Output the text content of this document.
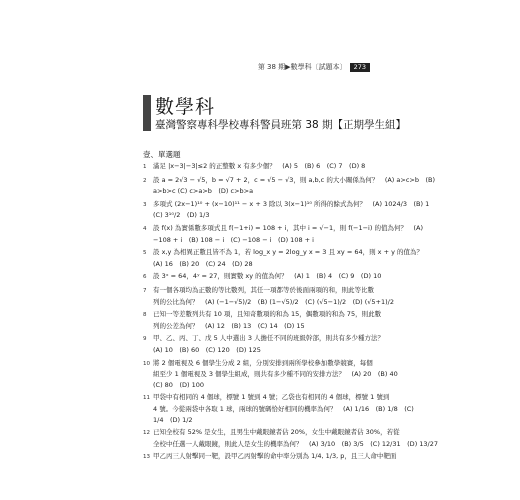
第 38 期▶數學科〔試題本〕	273
數學科
臺灣警察專科學校專科警員班第 38 期【正期學生組】
壹、單選題
1 滿足 |x−3|−3|≤2 的正整數 x 有多少個？　(A) 5　(B) 6　(C) 7　(D) 8
2 設 a = 2√3 − √5，b = √7 + 2，c = √5 − √3，則 a,b,c 的大小關係為何？　(A) a>c>b　(B)
a>b>c (C) c>a>b　(D) c>b>a
3 多項式 (2x−1)¹⁰ + (x−10)¹¹ − x + 3 除以 3(x−1)¹⁰ 所得的餘式為何？　(A) 1024/3　(B) 1
(C) 3¹⁰/2　(D) 1/3
4 設 f(x) 為實係數多項式且 f(−1+i) = 108 + i，其中 i = √−1，則 f(−1−i) 的值為何？　(A)
−108 + i　(B) 108 − i　(C) −108 − i　(D) 108 + i
5 設 x,y 為相異正數且皆不為 1，若 log_x y = 2log_y x = 3 且 xy = 64，則 x + y 的值為？
(A) 16　(B) 20　(C) 24　(D) 28
6 設 3ˣ = 64，4ʸ = 27，則實數 xy 的值為何？　(A) 1　(B) 4　(C) 9　(D) 10
7 有一個各項均為正數的等比數列，其任一項都等於後面兩項的和，則此等比數
列的公比為何？　(A) (−1−√5)/2　(B) (1−√5)/2　(C) (√5−1)/2　(D) (√5+1)/2
8 已知一等差數列共有 10 項，且知奇數項的和為 15，偶數項的和為 75，則此數
列的公差為何？　(A) 12　(B) 13　(C) 14　(D) 15
9 甲、乙、丙、丁、戊 5 人中選出 3 人擔任不同的班級幹部，則共有多少種方法？
(A) 10　(B) 60　(C) 120　(D) 125
10 將 2 個電視及 6 個學生分成 2 組，分別安排到兩所學校參加數學競賽，每個
組至少 1 個電視及 3 個學生組成，則共有多少種不同的安排方法？　(A) 20　(B) 40
(C) 80　(D) 100
11 甲袋中有相同的 4 個球，標號 1 號到 4 號；乙袋也有相同的 4 個球，標號 1 號到
4 號。今從兩袋中各取 1 球，兩球的號碼恰好相同的機率為何？　(A) 1/16　(B) 1/8　(C)
1/4　(D) 1/2
12 已知全校有 52% 是女生，且男生中戴眼鏡者佔 20%，女生中戴眼鏡者佔 30%，若從
全校中任選一人戴眼鏡，則此人是女生的機率為何？　(A) 3/10　(B) 3/5　(C) 12/31　(D) 13/27
13 甲乙丙三人射擊同一靶，設甲乙丙射擊的命中率分別為 1/4, 1/3, p，且三人命中靶面
